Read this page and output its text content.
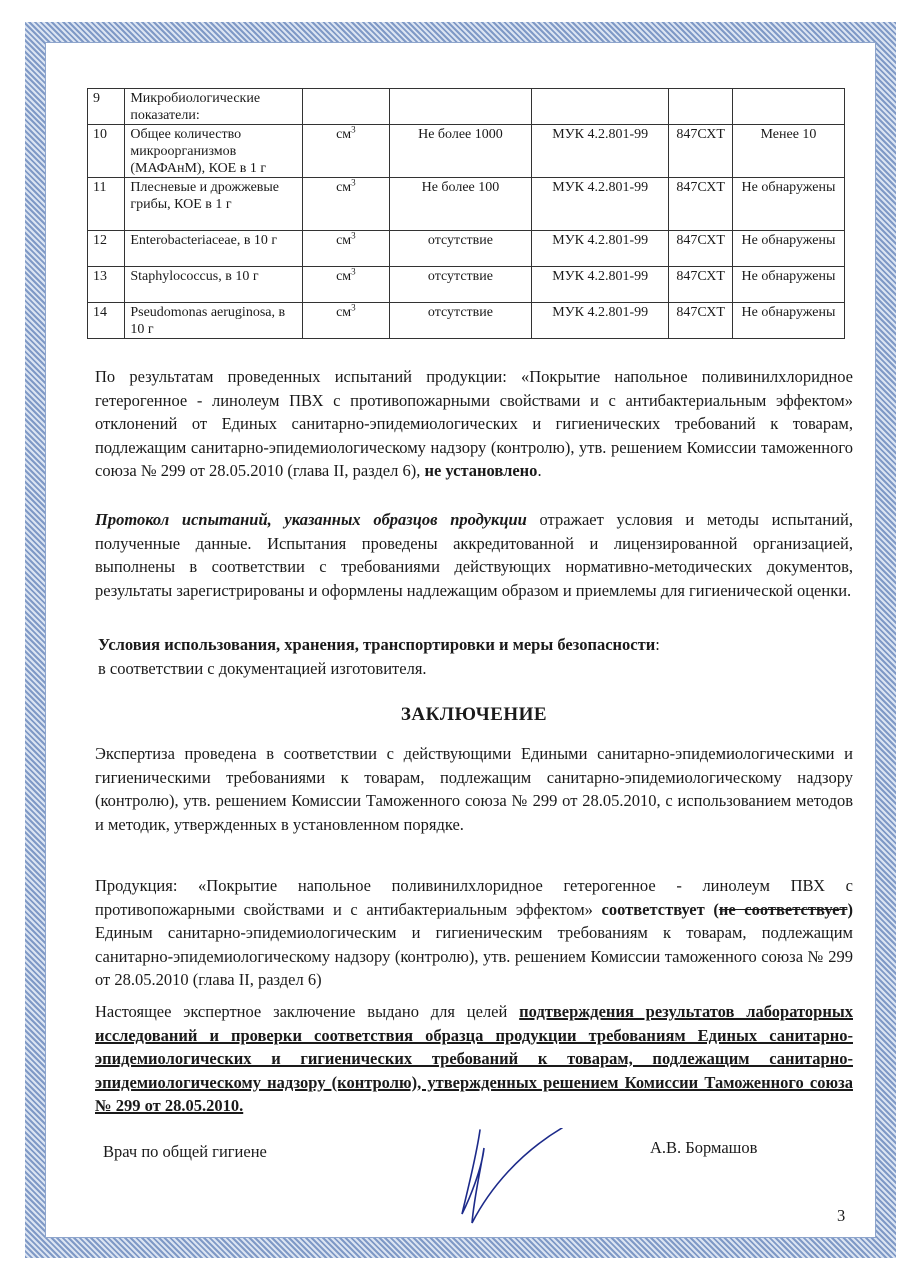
9	Микробиологические показатели:					
10	Общее количество микроорганизмов (МАФАнМ), КОЕ в 1 г	$см^3$	Не более 1000	МУК 4.2.801-99	847СХТ	Менее 10
11	Плесневые и дрожжевые грибы, КОЕ в 1 г	$см^3$	Не более 100	МУК 4.2.801-99	847СХТ	Не обнаружены
12	Enterobacteriaceae, в 10 г	$см^3$	отсутствие	МУК 4.2.801-99	847СХТ	Не обнаружены
13	Staphylococcus, в 10 г	$см^3$	отсутствие	МУК 4.2.801-99	847СХТ	Не обнаружены
14	Pseudomonas aeruginosa, в 10 г	$см^3$	отсутствие	МУК 4.2.801-99	847СХТ	Не обнаружены

По результатам проведенных испытаний продукции: «Покрытие напольное поливинилхлоридное гетерогенное - линолеум ПВХ с противопожарными свойствами и с антибактериальным эффектом» отклонений от Единых санитарно-эпидемиологических и гигиенических требований к товарам, подлежащим санитарно-эпидемиологическому надзору (контролю), утв. решением Комиссии таможенного союза № 299 от 28.05.2010 (глава II, раздел 6), не установлено.

Протокол испытаний, указанных образцов продукции отражает условия и методы испытаний, полученные данные. Испытания проведены аккредитованной и лицензированной организацией, выполнены в соответствии с требованиями действующих нормативно-методических документов, результаты зарегистрированы и оформлены надлежащим образом и приемлемы для гигиенической оценки.

Условия использования, хранения, транспортировки и меры безопасности:
в соответствии с документацией изготовителя.

ЗАКЛЮЧЕНИЕ

Экспертиза проведена в соответствии с действующими Едиными санитарно-эпидемиологическими и гигиеническими требованиями к товарам, подлежащим санитарно-эпидемиологическому надзору (контролю), утв. решением Комиссии Таможенного союза № 299 от 28.05.2010, с использованием методов и методик, утвержденных в установленном порядке.

Продукция: «Покрытие напольное поливинилхлоридное гетерогенное - линолеум ПВХ с противопожарными свойствами и с антибактериальным эффектом» соответствует (не соответствует) Единым санитарно-эпидемиологическим и гигиеническим требованиям к товарам, подлежащим санитарно-эпидемиологическому надзору (контролю), утв. решением Комиссии таможенного союза № 299 от 28.05.2010 (глава II, раздел 6)

Настоящее экспертное заключение выдано для целей подтверждения результатов лабораторных исследований и проверки соответствия образца продукции требованиям Единых санитарно-эпидемиологических и гигиенических требований к товарам, подлежащим санитарно-эпидемиологическому надзору (контролю), утвержденных решением Комиссии Таможенного союза № 299 от 28.05.2010.

Врач по общей гигиене	А.В. Бормашов
3
